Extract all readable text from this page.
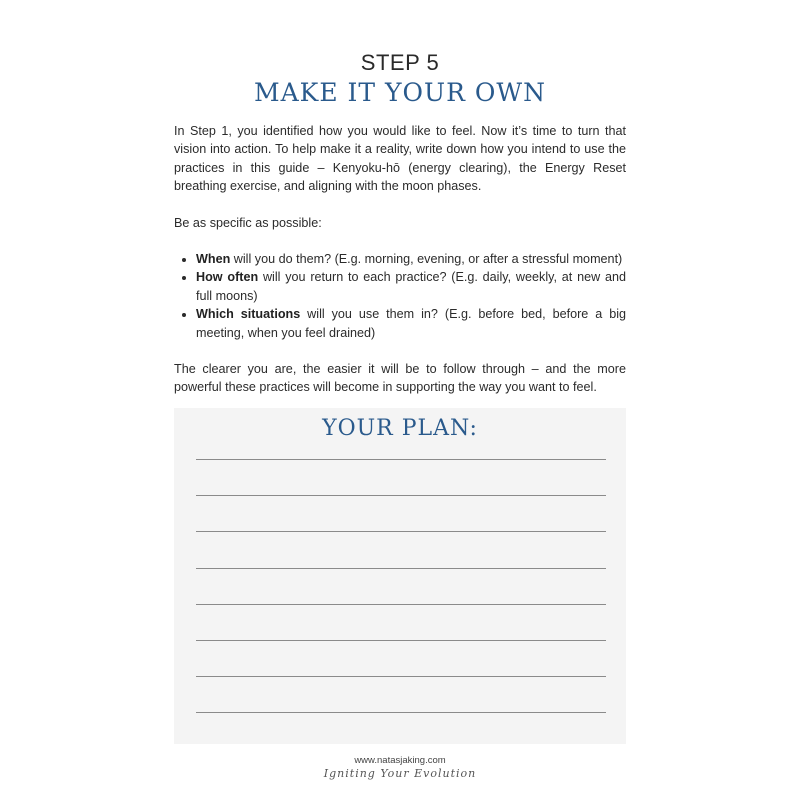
STEP 5
MAKE IT YOUR OWN

In Step 1, you identified how you would like to feel. Now it’s time to turn that vision into action. To help make it a reality, write down how you intend to use the practices in this guide – Kenyoku-hō (energy clearing), the Energy Reset breathing exercise, and aligning with the moon phases.

Be as specific as possible:

• When will you do them? (E.g. morning, evening, or after a stressful moment)
• How often will you return to each practice? (E.g. daily, weekly, at new and full moons)
• Which situations will you use them in? (E.g. before bed, before a big meeting, when you feel drained)

The clearer you are, the easier it will be to follow through – and the more powerful these practices will become in supporting the way you want to feel.

YOUR PLAN:
www.natasjaking.com
Igniting Your Evolution
